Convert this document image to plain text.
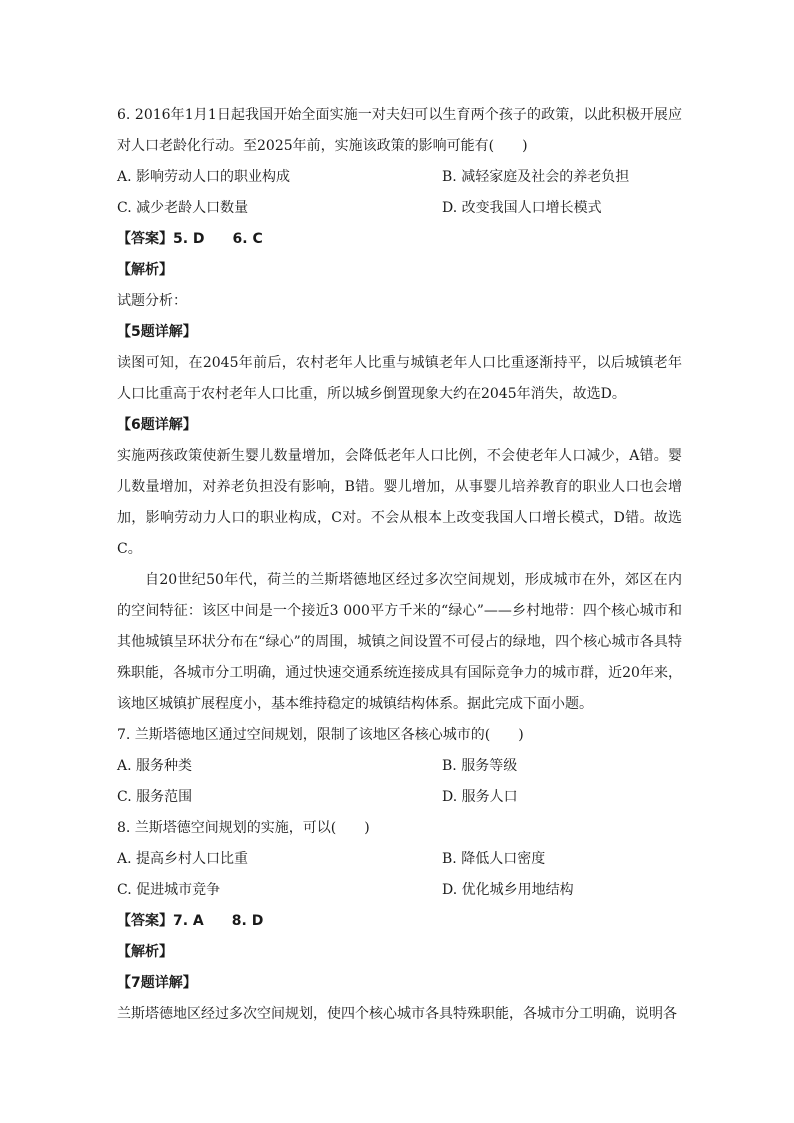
6. 2016年1月1日起我国开始全面实施一对夫妇可以生育两个孩子的政策，以此积极开展应对人口老龄化行动。至2025年前，实施该政策的影响可能有(　　)
A. 影响劳动人口的职业构成	B. 减轻家庭及社会的养老负担
C. 减少老龄人口数量	D. 改变我国人口增长模式
【答案】5. D　　6. C
【解析】
试题分析：
【5题详解】
读图可知，在2045年前后，农村老年人比重与城镇老年人口比重逐渐持平，以后城镇老年人口比重高于农村老年人口比重，所以城乡倒置现象大约在2045年消失，故选D。
【6题详解】
实施两孩政策使新生婴儿数量增加，会降低老年人口比例，不会使老年人口减少，A错。婴儿数量增加，对养老负担没有影响，B错。婴儿增加，从事婴儿培养教育的职业人口也会增加，影响劳动力人口的职业构成，C对。不会从根本上改变我国人口增长模式，D错。故选C。
自20世纪50年代，荷兰的兰斯塔德地区经过多次空间规划，形成城市在外，郊区在内的空间特征：该区中间是一个接近3 000平方千米的“绿心”——乡村地带：四个核心城市和其他城镇呈环状分布在“绿心”的周围，城镇之间设置不可侵占的绿地，四个核心城市各具特殊职能，各城市分工明确，通过快速交通系统连接成具有国际竞争力的城市群，近20年来，该地区城镇扩展程度小，基本维持稳定的城镇结构体系。据此完成下面小题。
7. 兰斯塔德地区通过空间规划，限制了该地区各核心城市的(　　)
A. 服务种类	B. 服务等级
C. 服务范围	D. 服务人口
8. 兰斯塔德空间规划的实施，可以(　　)
A. 提高乡村人口比重	B. 降低人口密度
C. 促进城市竞争	D. 优化城乡用地结构
【答案】7. A　　8. D
【解析】
【7题详解】
兰斯塔德地区经过多次空间规划，使四个核心城市各具特殊职能，各城市分工明确，说明各
